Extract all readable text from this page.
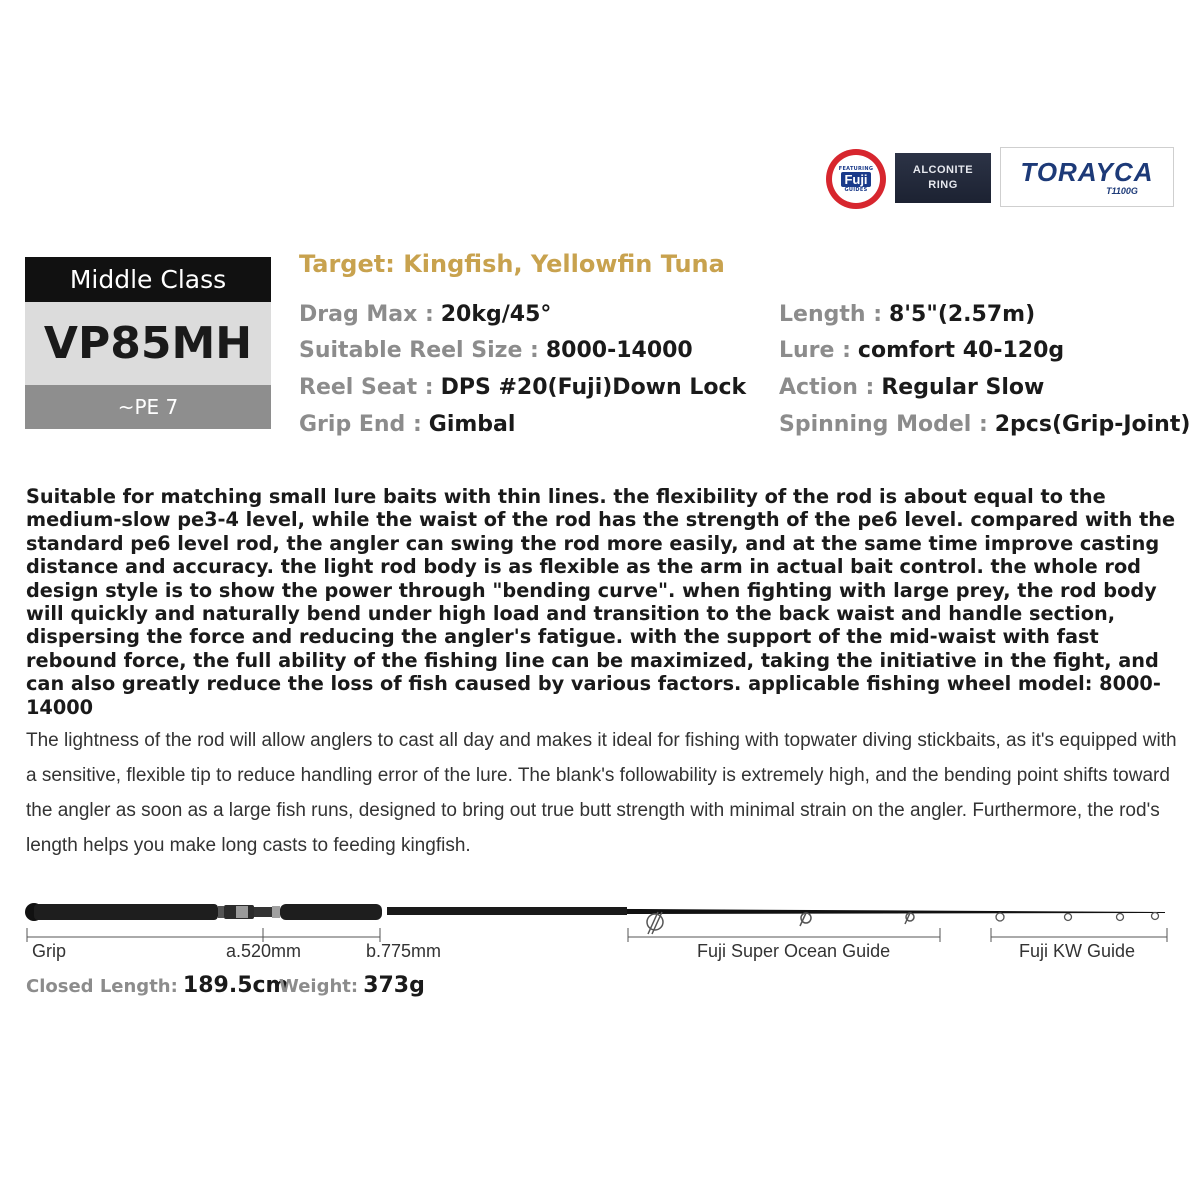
FEATURING
Fuji
GUIDES
ALCONITE
RING TORAYCA
T1100G
Middle Class
VP85MH
~PE 7
Target: Kingfish, Yellowfin Tuna
Drag Max : 20kg/45°
Suitable Reel Size : 8000-14000
Reel Seat : DPS #20(Fuji)Down Lock
Grip End : Gimbal
Length : 8'5"(2.57m)
Lure : comfort 40-120g
Action : Regular Slow
Spinning Model : 2pcs(Grip-Joint)

Suitable for matching small lure baits with thin lines. the flexibility of the rod is about equal to the medium-slow pe3-4 level, while the waist of the rod has the strength of the pe6 level. compared with the standard pe6 level rod, the angler can swing the rod more easily, and at the same time improve casting distance and accuracy. the light rod body is as flexible as the arm in actual bait control. the whole rod design style is to show the power through "bending curve". when fighting with large prey, the rod body will quickly and naturally bend under high load and transition to the back waist and handle section, dispersing the force and reducing the angler's fatigue. with the support of the mid-waist with fast rebound force, the full ability of the fishing line can be maximized, taking the initiative in the fight, and can also greatly reduce the loss of fish caused by various factors. applicable fishing wheel model: 8000-14000

The lightness of the rod will allow anglers to cast all day and makes it ideal for fishing with topwater diving stickbaits, as it's equipped with a sensitive, flexible tip to reduce handling error of the lure. The blank's followability is extremely high, and the bending point shifts toward the angler as soon as a large fish runs, designed to bring out true butt strength with minimal strain on the angler. Furthermore, the rod's length helps you make long casts to feeding kingfish.

Grip	a.520mm	b.775mm	Fuji Super Ocean Guide	Fuji KW Guide
Closed Length: 189.5cm
Weight: 373g
